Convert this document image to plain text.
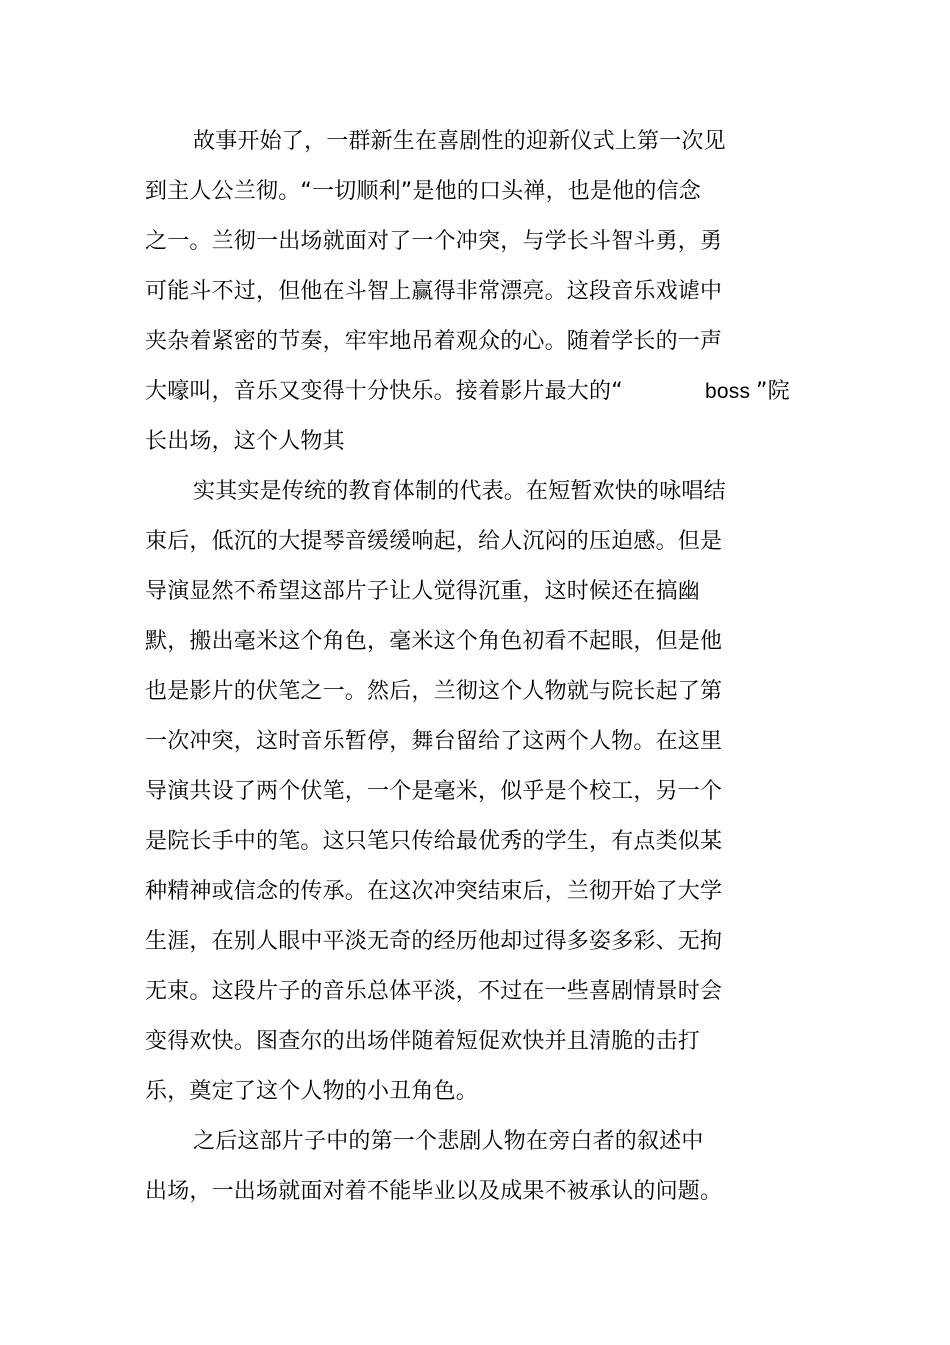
故事开始了，一群新生在喜剧性的迎新仪式上第一次见
到主人公兰彻。“一切顺利”是他的口头禅，也是他的信念
之一。兰彻一出场就面对了一个冲突，与学长斗智斗勇，勇
可能斗不过，但他在斗智上赢得非常漂亮。这段音乐戏谑中
夹杂着紧密的节奏，牢牢地吊着观众的心。随着学长的一声
大嚎叫，音乐又变得十分快乐。接着影片最大的“	boss ”院
长出场，这个人物其
实其实是传统的教育体制的代表。在短暂欢快的咏唱结
束后，低沉的大提琴音缓缓响起，给人沉闷的压迫感。但是
导演显然不希望这部片子让人觉得沉重，这时候还在搞幽
默，搬出毫米这个角色，毫米这个角色初看不起眼，但是他
也是影片的伏笔之一。然后，兰彻这个人物就与院长起了第
一次冲突，这时音乐暂停，舞台留给了这两个人物。在这里
导演共设了两个伏笔，一个是毫米，似乎是个校工，另一个
是院长手中的笔。这只笔只传给最优秀的学生，有点类似某
种精神或信念的传承。在这次冲突结束后，兰彻开始了大学
生涯，在别人眼中平淡无奇的经历他却过得多姿多彩、无拘
无束。这段片子的音乐总体平淡，不过在一些喜剧情景时会
变得欢快。图查尔的出场伴随着短促欢快并且清脆的击打
乐，奠定了这个人物的小丑角色。
之后这部片子中的第一个悲剧人物在旁白者的叙述中
出场，一出场就面对着不能毕业以及成果不被承认的问题。
